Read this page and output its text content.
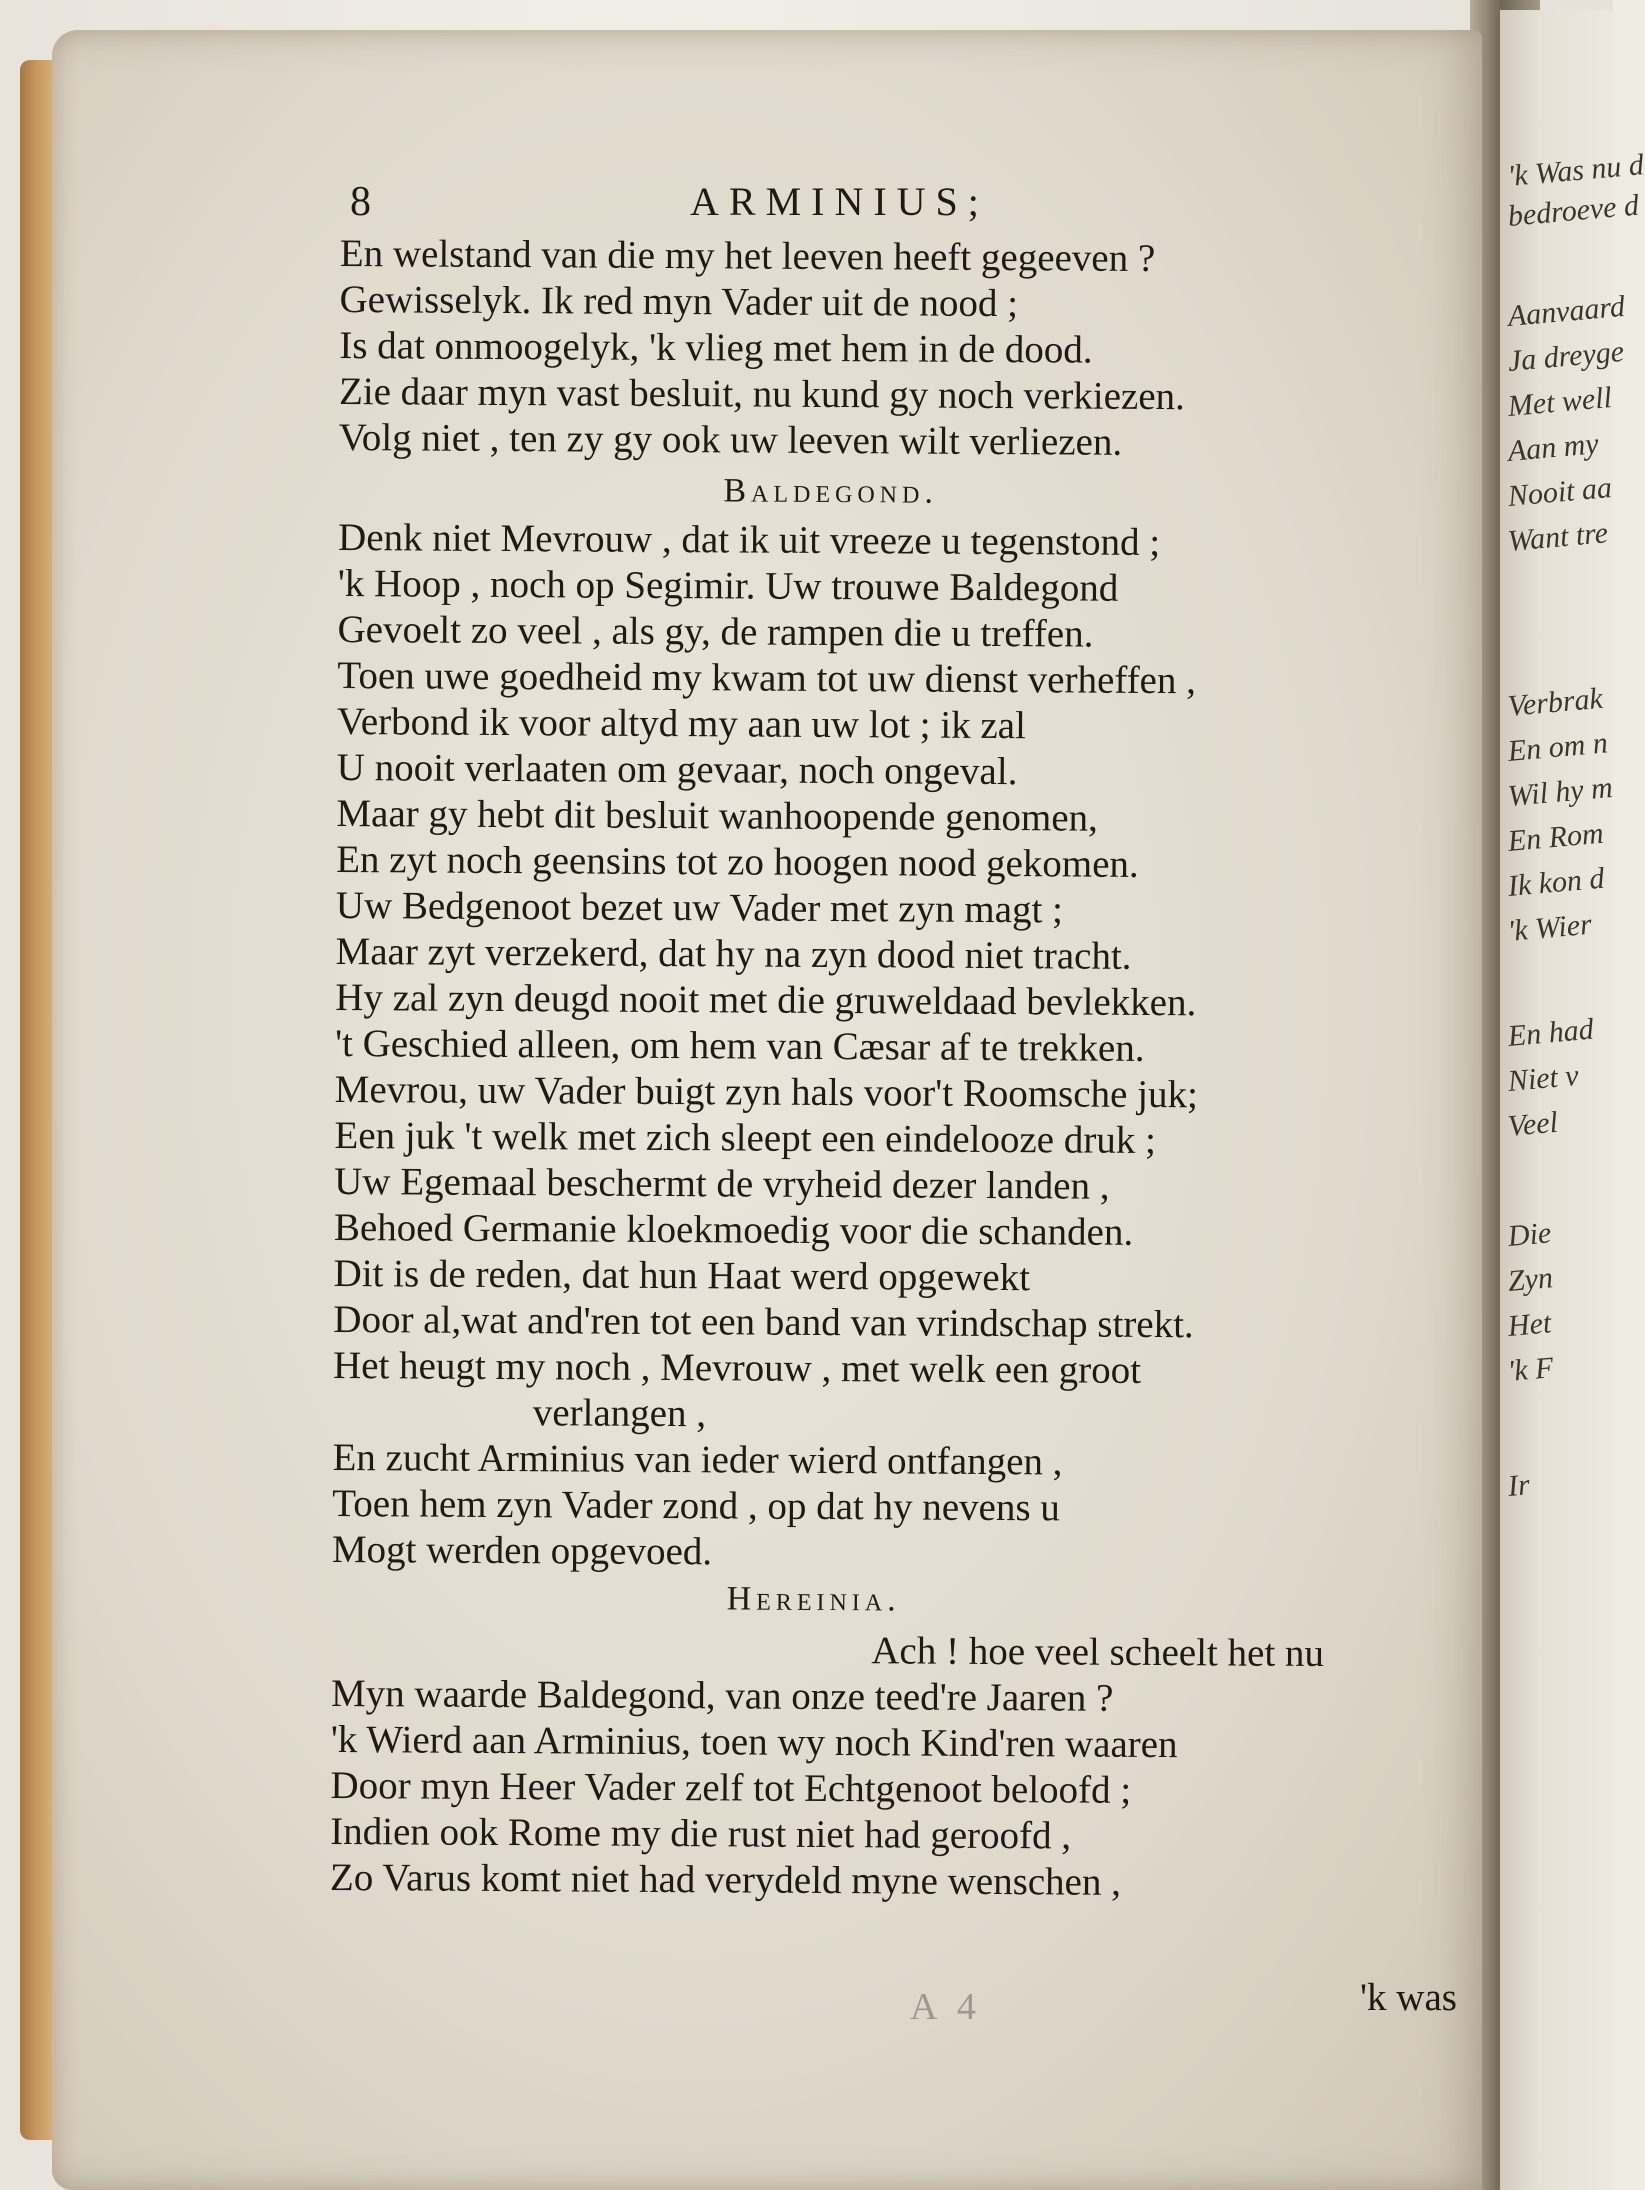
'k Was nu d
bedroeve d
Aanvaard
Ja dreyge
Met well
Aan my
Nooit aa
Want tre
Verbrak
En om n
Wil hy m
En Rom
Ik kon d
'k Wier
En had
Niet v
Veel
Die
Zyn
Het
'k F
Ir
8	ARMINIUS;
En welstand van die my het leeven heeft gegeeven ?
Gewisselyk. Ik red myn Vader uit de nood ;
Is dat onmoogelyk, 'k vlieg met hem in de dood.
Zie daar myn vast besluit, nu kund gy noch verkiezen.
Volg niet , ten zy gy ook uw leeven wilt verliezen.
Baldegond.
Denk niet Mevrouw , dat ik uit vreeze u tegenstond ;
'k Hoop , noch op Segimir. Uw trouwe Baldegond
Gevoelt zo veel , als gy, de rampen die u treffen.
Toen uwe goedheid my kwam tot uw dienst verheffen ,
Verbond ik voor altyd my aan uw lot ; ik zal
U nooit verlaaten om gevaar, noch ongeval.
Maar gy hebt dit besluit wanhoopende genomen,
En zyt noch geensins tot zo hoogen nood gekomen.
Uw Bedgenoot bezet uw Vader met zyn magt ;
Maar zyt verzekerd, dat hy na zyn dood niet tracht.
Hy zal zyn deugd nooit met die gruweldaad bevlekken.
't Geschied alleen, om hem van Cæsar af te trekken.
Mevrou, uw Vader buigt zyn hals voor't Roomsche juk;
Een juk 't welk met zich sleept een eindelooze druk ;
Uw Egemaal beschermt de vryheid dezer landen ,
Behoed Germanie kloekmoedig voor die schanden.
Dit is de reden, dat hun Haat werd opgewekt
Door al,wat and'ren tot een band van vrindschap strekt.
Het heugt my noch , Mevrouw , met welk een groot
verlangen ,
En zucht Arminius van ieder wierd ontfangen ,
Toen hem zyn Vader zond , op dat hy nevens u
Mogt werden opgevoed.
Hereinia.
Ach ! hoe veel scheelt het nu
Myn waarde Baldegond, van onze teed're Jaaren ?
'k Wierd aan Arminius, toen wy noch Kind'ren waaren
Door myn Heer Vader zelf tot Echtgenoot beloofd ;
Indien ook Rome my die rust niet had geroofd ,
Zo Varus komt niet had verydeld myne wenschen ,
A 4	'k was
